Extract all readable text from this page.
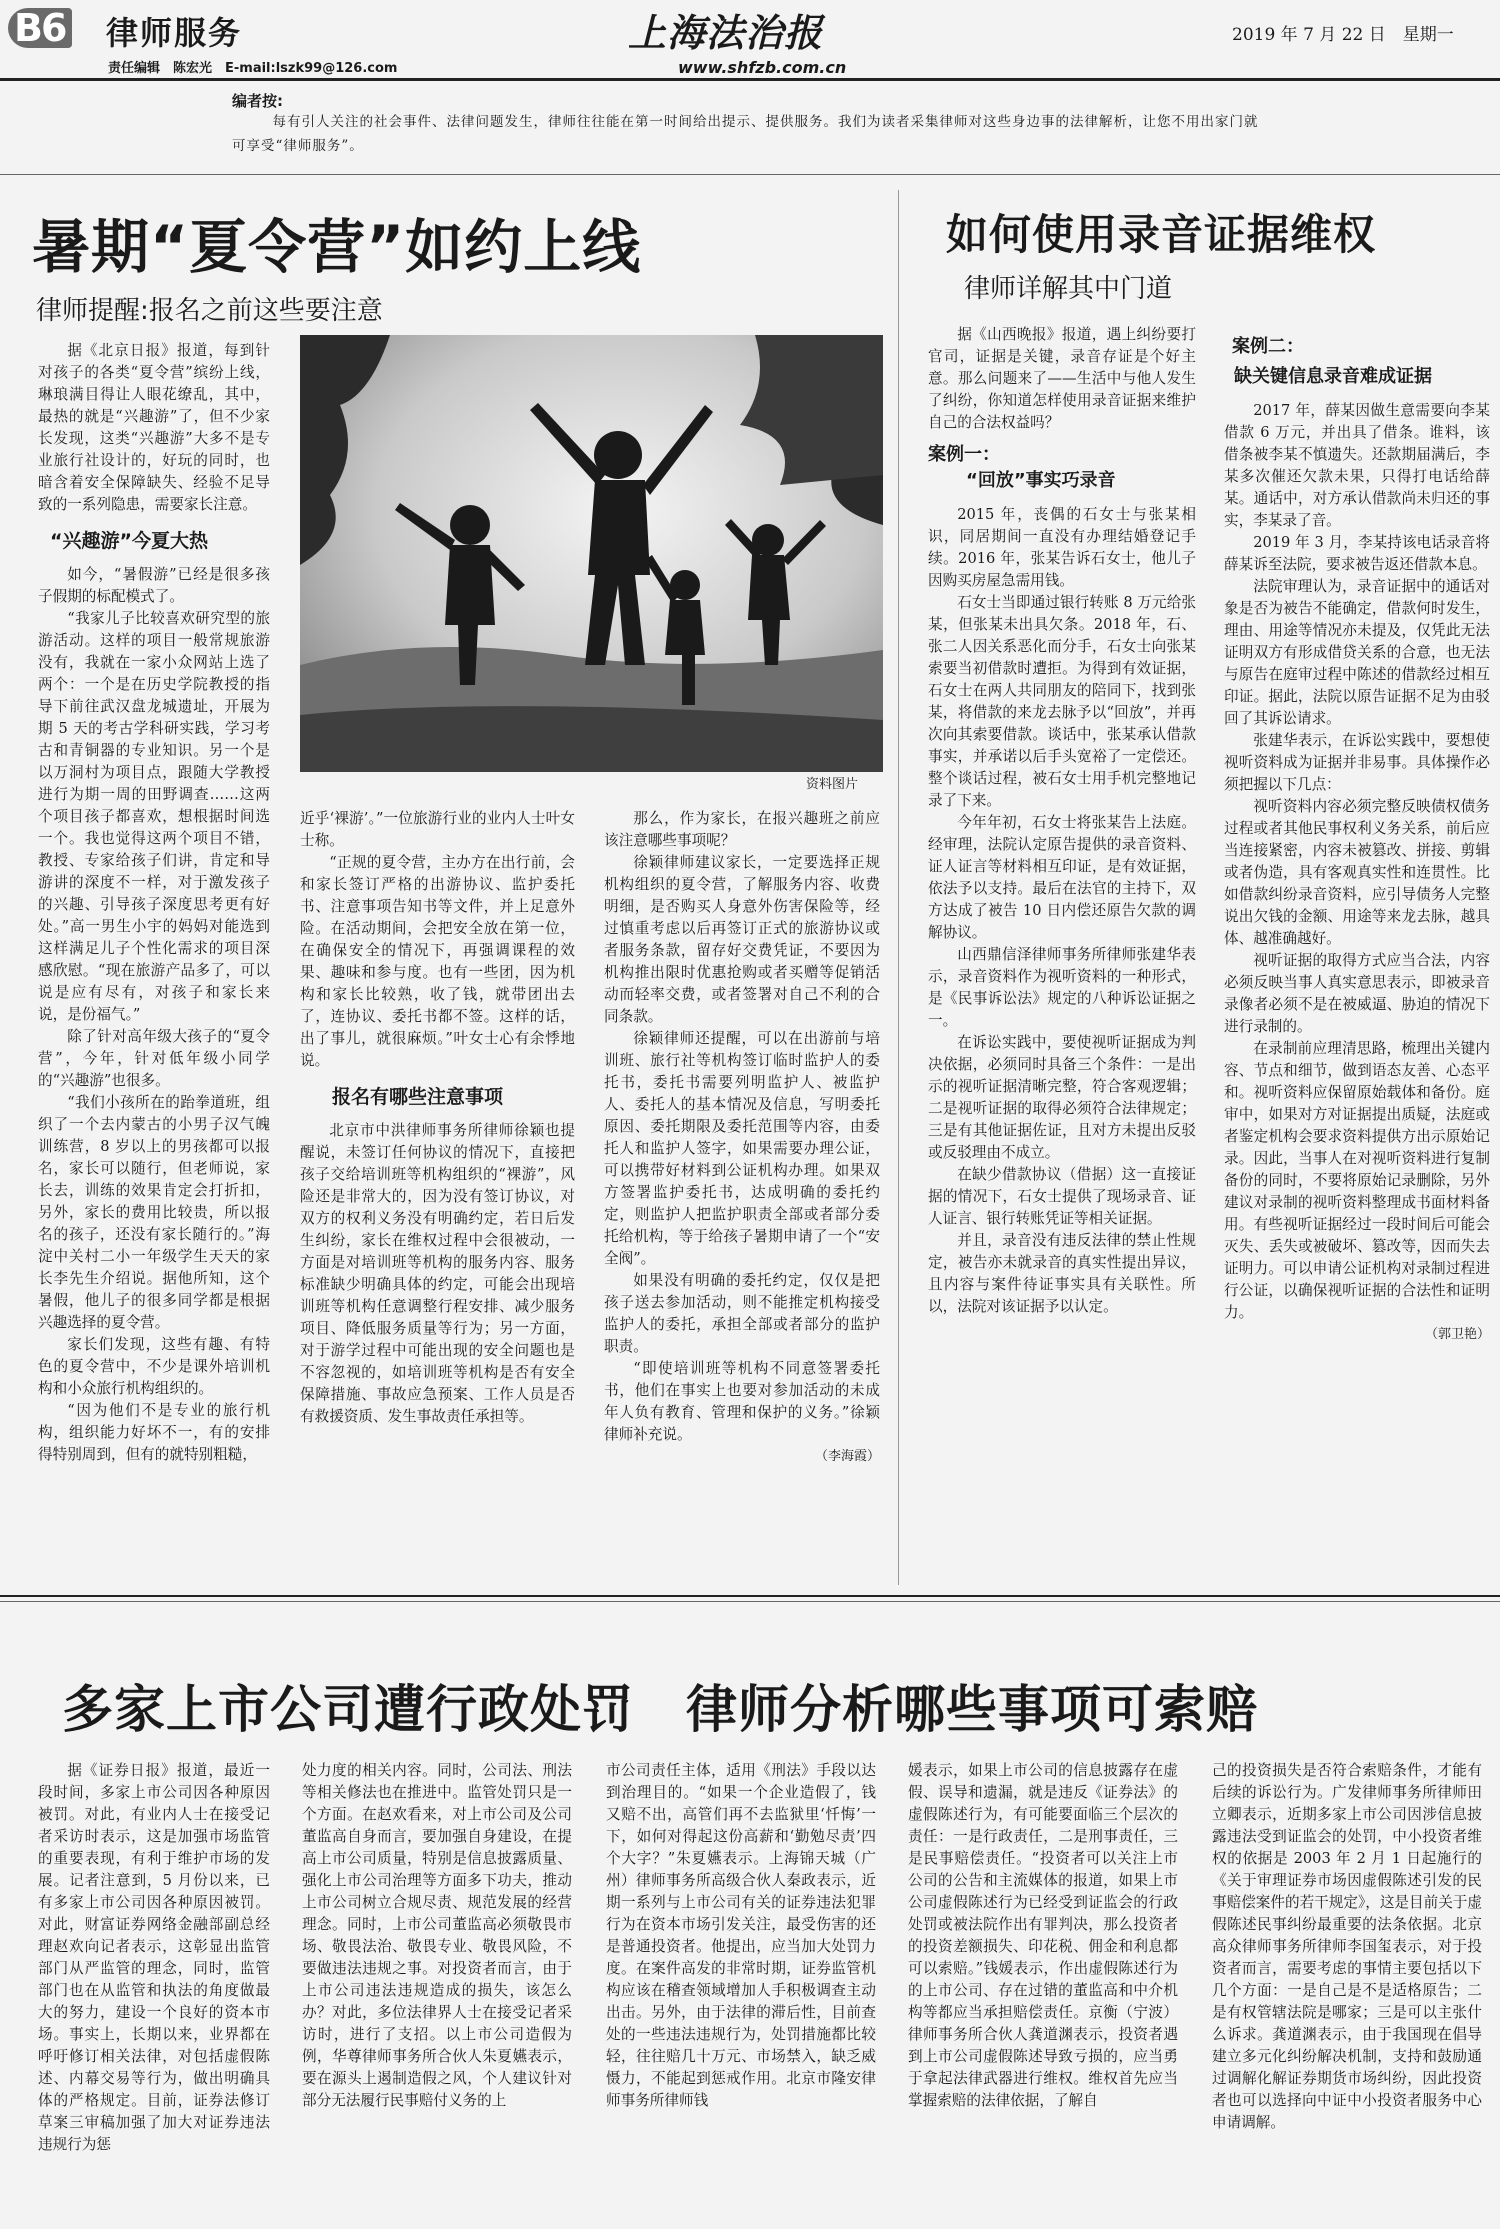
B6 律师服务
责任编辑　陈宏光　E-mail:lszk99@126.com
上海法治报
www.shfzb.com.cn
2019 年 7 月 22 日　星期一
编者按:
每有引人关注的社会事件、法律问题发生，律师往往能在第一时间给出提示、提供服务。我们为读者采集律师对这些身边事的法律解析，让您不用出家门就可享受“律师服务”。
暑期“夏令营”如约上线
律师提醒:报名之前这些要注意
资料图片

据《北京日报》报道，每到针对孩子的各类“夏令营”缤纷上线，琳琅满目得让人眼花缭乱，其中，最热的就是“兴趣游”了，但不少家长发现，这类“兴趣游”大多不是专业旅行社设计的，好玩的同时，也暗含着安全保障缺失、经验不足导致的一系列隐患，需要家长注意。

“兴趣游”今夏大热

如今，“暑假游”已经是很多孩子假期的标配模式了。

“我家儿子比较喜欢研究型的旅游活动。这样的项目一般常规旅游没有，我就在一家小众网站上选了两个：一个是在历史学院教授的指导下前往武汉盘龙城遗址，开展为期 5 天的考古学科研实践，学习考古和青铜器的专业知识。另一个是以万洞村为项目点，跟随大学教授进行为期一周的田野调查……这两个项目孩子都喜欢，想根据时间选一个。我也觉得这两个项目不错，教授、专家给孩子们讲，肯定和导游讲的深度不一样，对于激发孩子的兴趣、引导孩子深度思考更有好处。”高一男生小宇的妈妈对能选到这样满足儿子个性化需求的项目深感欣慰。“现在旅游产品多了，可以说是应有尽有，对孩子和家长来说，是份福气。”

除了针对高年级大孩子的“夏令营”，今年，针对低年级小同学的“兴趣游”也很多。

“我们小孩所在的跆拳道班，组织了一个去内蒙古的小男子汉气魄训练营，8 岁以上的男孩都可以报名，家长可以随行，但老师说，家长去，训练的效果肯定会打折扣，另外，家长的费用比较贵，所以报名的孩子，还没有家长随行的。”海淀中关村二小一年级学生天天的家长李先生介绍说。据他所知，这个暑假，他儿子的很多同学都是根据兴趣选择的夏令营。

家长们发现，这些有趣、有特色的夏令营中，不少是课外培训机构和小众旅行机构组织的。

“因为他们不是专业的旅行机构，组织能力好坏不一，有的安排得特别周到，但有的就特别粗糙，

近乎‘裸游’。”一位旅游行业的业内人士叶女士称。

“正规的夏令营，主办方在出行前，会和家长签订严格的出游协议、监护委托书、注意事项告知书等文件，并上足意外险。在活动期间，会把安全放在第一位，在确保安全的情况下，再强调课程的效果、趣味和参与度。也有一些团，因为机构和家长比较熟，收了钱，就带团出去了，连协议、委托书都不签。这样的话，出了事儿，就很麻烦。”叶女士心有余悸地说。

报名有哪些注意事项

北京市中洪律师事务所律师徐颖也提醒说，未签订任何协议的情况下，直接把孩子交给培训班等机构组织的“裸游”，风险还是非常大的，因为没有签订协议，对双方的权利义务没有明确约定，若日后发生纠纷，家长在维权过程中会很被动，一方面是对培训班等机构的服务内容、服务标准缺少明确具体的约定，可能会出现培训班等机构任意调整行程安排、减少服务项目、降低服务质量等行为；另一方面，对于游学过程中可能出现的安全问题也是不容忽视的，如培训班等机构是否有安全保障措施、事故应急预案、工作人员是否有救援资质、发生事故责任承担等。

那么，作为家长，在报兴趣班之前应该注意哪些事项呢？

徐颖律师建议家长，一定要选择正规机构组织的夏令营，了解服务内容、收费明细，是否购买人身意外伤害保险等，经过慎重考虑以后再签订正式的旅游协议或者服务条款，留存好交费凭证，不要因为机构推出限时优惠抢购或者买赠等促销活动而轻率交费，或者签署对自己不利的合同条款。

徐颖律师还提醒，可以在出游前与培训班、旅行社等机构签订临时监护人的委托书，委托书需要列明监护人、被监护人、委托人的基本情况及信息，写明委托原因、委托期限及委托范围等内容，由委托人和监护人签字，如果需要办理公证，可以携带好材料到公证机构办理。如果双方签署监护委托书，达成明确的委托约定，则监护人把监护职责全部或者部分委托给机构，等于给孩子暑期申请了一个“安全阀”。

如果没有明确的委托约定，仅仅是把孩子送去参加活动，则不能推定机构接受监护人的委托，承担全部或者部分的监护职责。

“即使培训班等机构不同意签署委托书，他们在事实上也要对参加活动的未成年人负有教育、管理和保护的义务。”徐颖律师补充说。

（李海霞）
如何使用录音证据维权
律师详解其中门道

据《山西晚报》报道，遇上纠纷要打官司，证据是关键，录音存证是个好主意。那么问题来了——生活中与他人发生了纠纷，你知道怎样使用录音证据来维护自己的合法权益吗？

案例一：
“回放”事实巧录音

2015 年，丧偶的石女士与张某相识，同居期间一直没有办理结婚登记手续。2016 年，张某告诉石女士，他儿子因购买房屋急需用钱。

石女士当即通过银行转账 8 万元给张某，但张某未出具欠条。2018 年，石、张二人因关系恶化而分手，石女士向张某索要当初借款时遭拒。为得到有效证据，石女士在两人共同朋友的陪同下，找到张某，将借款的来龙去脉予以“回放”，并再次向其索要借款。谈话中，张某承认借款事实，并承诺以后手头宽裕了一定偿还。整个谈话过程，被石女士用手机完整地记录了下来。

今年年初，石女士将张某告上法庭。经审理，法院认定原告提供的录音资料、证人证言等材料相互印证，是有效证据，依法予以支持。最后在法官的主持下，双方达成了被告 10 日内偿还原告欠款的调解协议。

山西鼎信泽律师事务所律师张建华表示，录音资料作为视听资料的一种形式，是《民事诉讼法》规定的八种诉讼证据之一。

在诉讼实践中，要使视听证据成为判决依据，必须同时具备三个条件：一是出示的视听证据清晰完整，符合客观逻辑；二是视听证据的取得必须符合法律规定；三是有其他证据佐证，且对方未提出反驳或反驳理由不成立。

在缺少借款协议（借据）这一直接证据的情况下，石女士提供了现场录音、证人证言、银行转账凭证等相关证据。

并且，录音没有违反法律的禁止性规定，被告亦未就录音的真实性提出异议，且内容与案件待证事实具有关联性。所以，法院对该证据予以认定。

案例二：
缺关键信息录音难成证据

2017 年，薛某因做生意需要向李某借款 6 万元，并出具了借条。谁料，该借条被李某不慎遗失。还款期届满后，李某多次催还欠款未果，只得打电话给薛某。通话中，对方承认借款尚未归还的事实，李某录了音。

2019 年 3 月，李某持该电话录音将薛某诉至法院，要求被告返还借款本息。

法院审理认为，录音证据中的通话对象是否为被告不能确定，借款何时发生，理由、用途等情况亦未提及，仅凭此无法证明双方有形成借贷关系的合意，也无法与原告在庭审过程中陈述的借款经过相互印证。据此，法院以原告证据不足为由驳回了其诉讼请求。

张建华表示，在诉讼实践中，要想使视听资料成为证据并非易事。具体操作必须把握以下几点：

视听资料内容必须完整反映债权债务过程或者其他民事权利义务关系，前后应当连接紧密，内容未被篡改、拼接、剪辑或者伪造，具有客观真实性和连贯性。比如借款纠纷录音资料，应引导债务人完整说出欠钱的金额、用途等来龙去脉，越具体、越准确越好。

视听证据的取得方式应当合法，内容必须反映当事人真实意思表示，即被录音录像者必须不是在被威逼、胁迫的情况下进行录制的。

在录制前应理清思路，梳理出关键内容、节点和细节，做到语态友善、心态平和。视听资料应保留原始载体和备份。庭审中，如果对方对证据提出质疑，法庭或者鉴定机构会要求资料提供方出示原始记录。因此，当事人在对视听资料进行复制备份的同时，不要将原始记录删除，另外建议对录制的视听资料整理成书面材料备用。有些视听证据经过一段时间后可能会灭失、丢失或被破坏、篡改等，因而失去证明力。可以申请公证机构对录制过程进行公证，以确保视听证据的合法性和证明力。

（郭卫艳）
多家上市公司遭行政处罚　律师分析哪些事项可索赔

据《证券日报》报道，最近一段时间，多家上市公司因各种原因被罚。对此，有业内人士在接受记者采访时表示，这是加强市场监管的重要表现，有利于维护市场的发展。记者注意到，5 月份以来，已有多家上市公司因各种原因被罚。对此，财富证券网络金融部副总经理赵欢向记者表示，这彰显出监管部门从严监管的理念，同时，监管部门也在从监管和执法的角度做最大的努力，建设一个良好的资本市场。事实上，长期以来，业界都在呼吁修订相关法律，对包括虚假陈述、内幕交易等行为，做出明确具体的严格规定。目前，证券法修订草案三审稿加强了加大对证券违法违规行为惩

处力度的相关内容。同时，公司法、刑法等相关修法也在推进中。监管处罚只是一个方面。在赵欢看来，对上市公司及公司董监高自身而言，要加强自身建设，在提高上市公司质量，特别是信息披露质量、强化上市公司治理等方面多下功夫，推动上市公司树立合规尽责、规范发展的经营理念。同时，上市公司董监高必须敬畏市场、敬畏法治、敬畏专业、敬畏风险，不要做违法违规之事。对投资者而言，由于上市公司违法违规造成的损失，该怎么办？对此，多位法律界人士在接受记者采访时，进行了支招。以上市公司造假为例，华尊律师事务所合伙人朱夏嬿表示，要在源头上遏制造假之风，个人建议针对部分无法履行民事赔付义务的上

市公司责任主体，适用《刑法》手段以达到治理目的。“如果一个企业造假了，钱又赔不出，高管们再不去监狱里‘忏悔’一下，如何对得起这份高薪和‘勤勉尽责’四个大字？”朱夏嬿表示。上海锦天城（广州）律师事务所高级合伙人秦政表示，近期一系列与上市公司有关的证券违法犯罪行为在资本市场引发关注，最受伤害的还是普通投资者。他提出，应当加大处罚力度。在案件高发的非常时期，证券监管机构应该在稽查领域增加人手积极调查主动出击。另外，由于法律的滞后性，目前查处的一些违法违规行为，处罚措施都比较轻，往往赔几十万元、市场禁入，缺乏威慑力，不能起到惩戒作用。北京市隆安律师事务所律师钱

媛表示，如果上市公司的信息披露存在虚假、误导和遗漏，就是违反《证券法》的虚假陈述行为，有可能要面临三个层次的责任：一是行政责任，二是刑事责任，三是民事赔偿责任。“投资者可以关注上市公司的公告和主流媒体的报道，如果上市公司虚假陈述行为已经受到证监会的行政处罚或被法院作出有罪判决，那么投资者的投资差额损失、印花税、佣金和利息都可以索赔。”钱媛表示，作出虚假陈述行为的上市公司、存在过错的董监高和中介机构等都应当承担赔偿责任。京衡（宁波）律师事务所合伙人龚道渊表示，投资者遇到上市公司虚假陈述导致亏损的，应当勇于拿起法律武器进行维权。维权首先应当掌握索赔的法律依据，了解自

己的投资损失是否符合索赔条件，才能有后续的诉讼行为。广发律师事务所律师田立卿表示，近期多家上市公司因涉信息披露违法受到证监会的处罚，中小投资者维权的依据是 2003 年 2 月 1 日起施行的《关于审理证券市场因虚假陈述引发的民事赔偿案件的若干规定》，这是目前关于虚假陈述民事纠纷最重要的法条依据。北京高众律师事务所律师李国玺表示，对于投资者而言，需要考虑的事情主要包括以下几个方面：一是自己是不是适格原告；二是有权管辖法院是哪家；三是可以主张什么诉求。龚道渊表示，由于我国现在倡导建立多元化纠纷解决机制，支持和鼓励通过调解化解证券期货市场纠纷，因此投资者也可以选择向中证中小投资者服务中心申请调解。
